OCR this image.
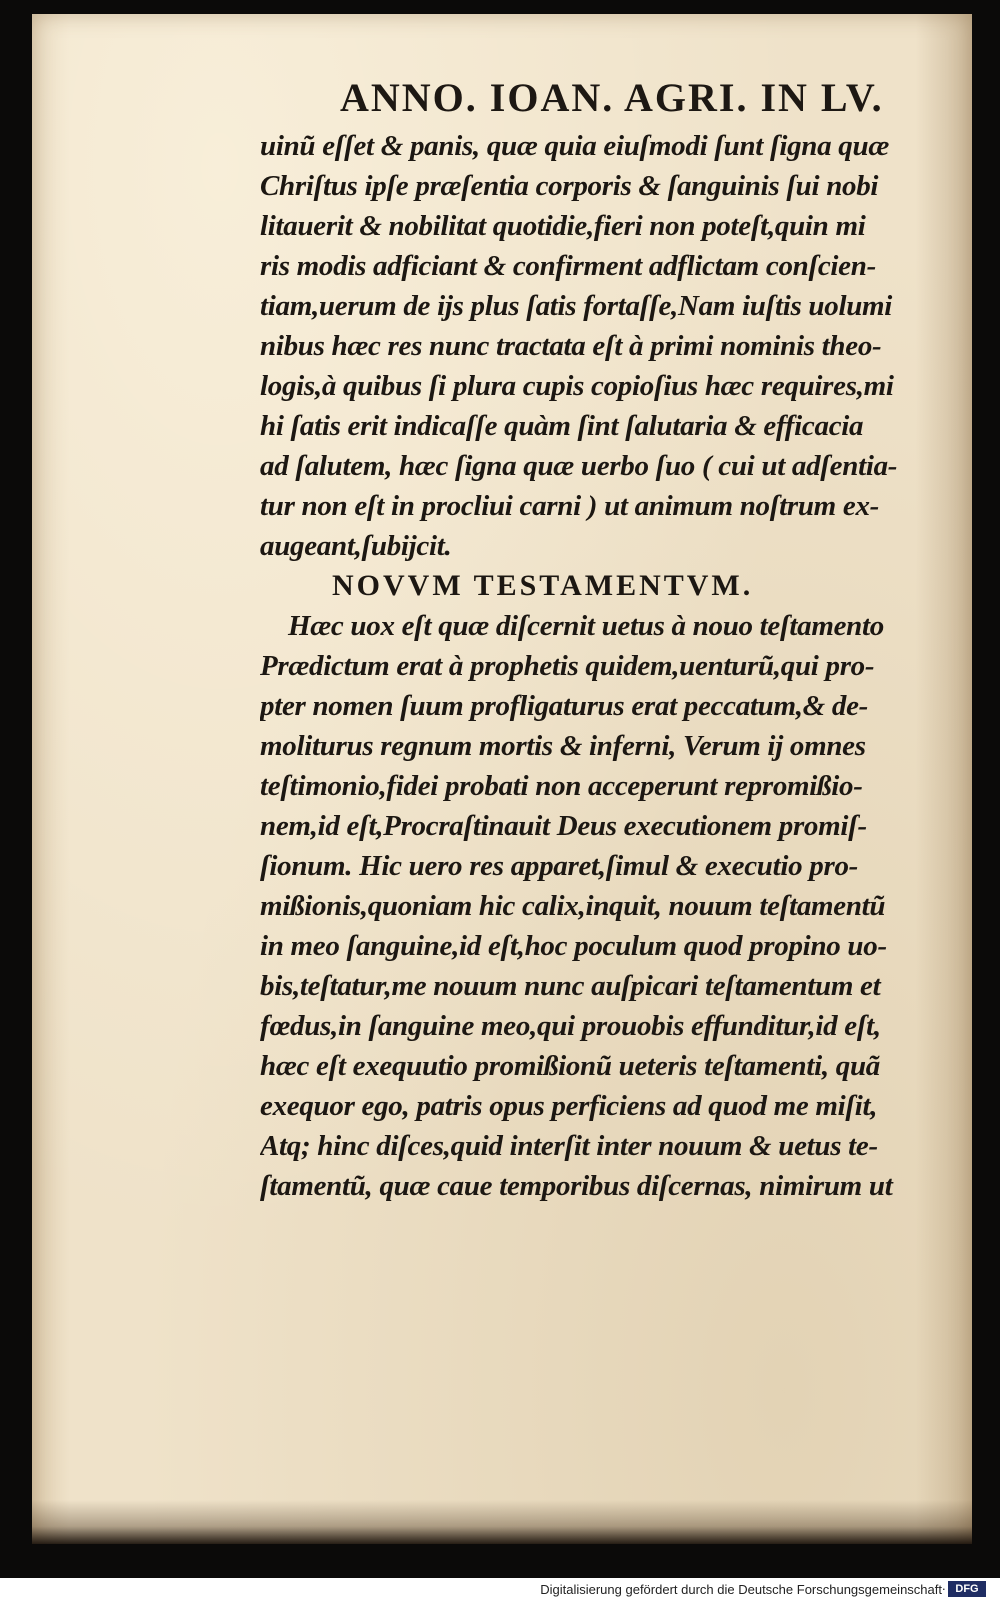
ANNO. IOAN. AGRI. IN LV.
uinũ eſſet & panis, quæ quia eiuſmodi ſunt ſigna quæ
Chriſtus ipſe præſentia corporis & ſanguinis ſui nobi
litauerit & nobilitat quotidie,fieri non poteſt,quin mi
ris modis adficiant & confirment adflictam conſcien-
tiam,uerum de ijs plus ſatis fortaſſe,Nam iuſtis uolumi
nibus hæc res nunc tractata eſt à primi nominis theo-
logis,à quibus ſi plura cupis copioſius hæc requires,mi
hi ſatis erit indicaſſe quàm ſint ſalutaria & efficacia
ad ſalutem, hæc ſigna quæ uerbo ſuo ( cui ut adſentia-
tur non eſt in procliui carni ) ut animum noſtrum ex-
augeant,ſubijcit.
NOVVM TESTAMENTVM.
Hæc uox eſt quæ diſcernit uetus à nouo teſtamento
Prædictum erat à prophetis quidem,uenturũ,qui pro-
pter nomen ſuum profligaturus erat peccatum,& de-
moliturus regnum mortis & inferni, Verum ij omnes
teſtimonio,fidei probati non acceperunt repromißio-
nem,id eſt,Procraſtinauit Deus executionem promiſ-
ſionum. Hic uero res apparet,ſimul & executio pro-
mißionis,quoniam hic calix,inquit, nouum teſtamentũ
in meo ſanguine,id eſt,hoc poculum quod propino uo-
bis,teſtatur,me nouum nunc auſpicari teſtamentum et
fœdus,in ſanguine meo,qui prouobis effunditur,id eſt,
hæc eſt exequutio promißionũ ueteris teſtamenti, quã
exequor ego, patris opus perficiens ad quod me miſit,
Atq; hinc diſces,quid interſit inter nouum & uetus te-
ſtamentũ, quæ caue temporibus diſcernas, nimirum ut
Digitalisierung gefördert durch die Deutsche Forschungsgemeinschaft · DFG
